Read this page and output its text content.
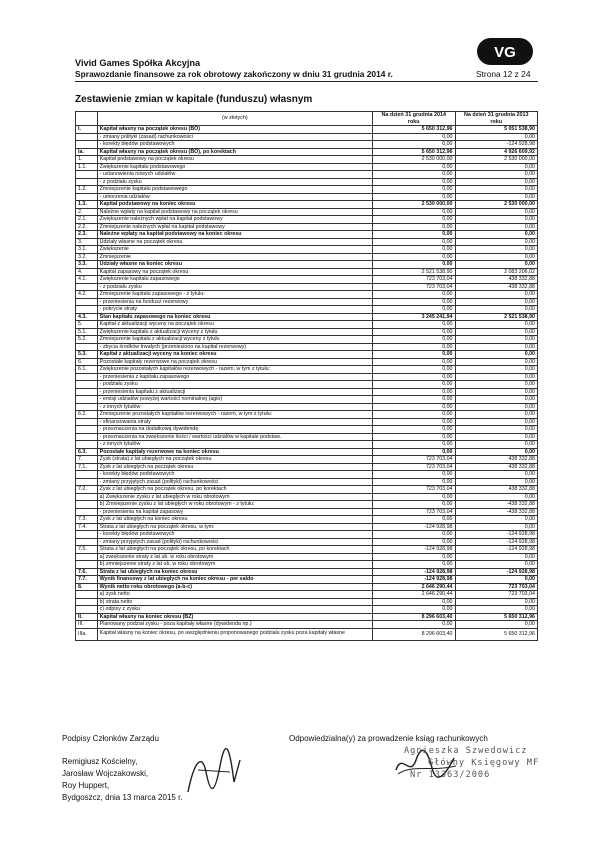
Vivid Games Spółka Akcyjna
Sprawozdanie finansowe za rok obrotowy zakończony w dniu 31 grudnia 2014 r.	Strona 12 z 24
VG
Zestawienie zmian w kapitale (funduszu) własnym
	(w złotych)	Na dzień 31 grudnia 2014 roku	Na dzień 31 grudnia 2013 roku
I.	Kapitał własny na początek okresu (BO)	5 650 312,96	5 051 538,90
	- zmiany polityki (zasad) rachunkowości	0,00	0,00
	- korekty błędów podstawowych	0,00	-124 928,98
Ia.	Kapitał własny na początek okresu (BO), po korektach	5 650 312,96	4 926 609,92
1.	Kapitał podstawowy na początek okresu	2 530 000,00	2 530 000,00
1.1.	Zwiększenie kapitału podstawowego	0,00	0,00
	- ustanowienia nowych udziałów	0,00	0,00
	- z podziału zysku	0,00	0,00
1.2.	Zmniejszenie kapitału podstawowego	0,00	0,00
	- umorzenia udziałów	0,00	0,00
1.3.	Kapitał podstawowy na koniec okresu	2 530 000,00	2 530 000,00
2.	Należne wpłaty na kapitał podstawowy na początek okresu	0,00	0,00
2.1.	Zwiększenie należnych wpłat na kapitał podstawowy	0,00	0,00
2.2.	Zmniejszenie należnych wpłat na kapitał podstawowy	0,00	0,00
2.3.	Należne wpłaty na kapitał podstawowy na koniec okresu	0,00	0,00
3.	Udziały własne na początek okresu	0,00	0,00
3.1.	Zwiększenie	0,00	0,00
3.2.	Zmniejszenie	0,00	0,00
3.3.	Udziały własne na koniec okresu	0,00	0,00
4.	Kapitał zapasowy na początek okresu	2 521 538,90	2 083 206,02
4.1.	Zwiększenie kapitału zapasowego	723 703,04	438 332,88
	- z podziału zysku	723 703,04	438 332,88
4.2.	Zmniejszenie kapitału zapasowego - z tytułu:	0,00	0,00
	- przeniesienia na fundusz rezerwowy	0,00	0,00
	- pokrycie straty	0,00	0,00
4.3.	Stan kapitału zapasowego na koniec okresu	3 245 241,94	2 521 538,90
5.	Kapitał z aktualizacji wyceny na początek okresu	0,00	0,00
5.1.	Zwiększenie kapitału z aktualizacji wyceny z tytułu	0,00	0,00
5.2.	Zmniejszenie kapitału z aktualizacji wyceny z tytułu	0,00	0,00
	- zbycia środków trwałych (przeniesiono na kapitał rezerwowy)	0,00	0,00
5.3.	Kapitał z aktualizacji wyceny na koniec okresu	0,00	0,00
6.	Pozostałe kapitały rezerwowe na początek okresu	0,00	0,00
6.1.	Zwiększenie pozostałych kapitałów rezerwowych - razem, w tym z tytułu:	0,00	0,00
	- przeniesienia z kapitału zapasowego	0,00	0,00
	- podziału zysku	0,00	0,00
	- przeniesienia kapitału z aktualizacji	0,00	0,00
	- emisji udziałów powyżej wartości nominalnej (agio)	0,00	0,00
	- z innych tytułów	0,00	0,00
6.2.	Zmniejszenie pozostałych kapitałów rezerwowych - razem, w tym z tytułu:	0,00	0,00
	- sfinansowania straty	0,00	0,00
	- przeznaczenia na dodatkową dywidendę	0,00	0,00
	- przeznaczenia na zwiększenie ilości / wartości udziałów w kapitale podstaw.	0,00	0,00
	- z innych tytułów	0,00	0,00
6.3.	Pozostałe kapitały rezerwowe na koniec okresu	0,00	0,00
7.	Zysk (strata) z lat ubiegłych na początek okresu	723 703,04	438 332,88
7.1.	Zysk z lat ubiegłych na początek okresu	723 703,04	438 332,88
	- korekty błędów podstawowych	0,00	0,00
	- zmiany przyjętych zasad (polityki) rachunkowości	0,00	0,00
7.2.	Zysk z lat ubiegłych na początek okresu, po korektach	723 703,04	438 332,88
	a) Zwiększenie zysku z lat ubiegłych w roku obrotowym	0,00	0,00
	b) Zmniejszenie zysku z lat ubiegłych w roku obrotowym - z tytułu:	0,00	-438 332,88
	- przeniesienia na kapitał zapasowy	723 703,04	-438 332,88
7.3.	Zysk z lat ubiegłych na koniec okresu	0,00	0,00
7.4.	Strata z lat ubiegłych na początek okresu, w tym:	-124 928,98	0,00
	- korekty błędów podstawowych	0,00	-124 928,98
	- zmiany przyjętych zasad (polityki) rachunkowości	0,00	-124 928,98
7.5.	Strata z lat ubiegłych na początek okresu, po korektach	-124 928,98	-124 928,98
	a) zwiększenie straty z lat ub. w roku obrotowym	0,00	0,00
	b) zmniejszenie straty z lat ub. w roku obrotowym	0,00	0,00
7.6.	Strata z lat ubiegłych na koniec okresu	-124 928,98	-124 928,98
7.7.	Wynik finansowy z lat ubiegłych na koniec okresu - per saldo	-124 928,98	0,00
8.	Wynik netto roku obrotowego (a-b-c)	2 646 290,44	723 703,04
	a) zysk netto	2 646 290,44	723 703,04
	b) strata netto	0,00	0,00
	c) odpisy z zysku	0,00	0,00
II.	Kapitał własny na koniec okresu (BZ)	8 296 603,40	5 650 312,96
III.	Planowany podział zysku - poza kapitały własne (dywidenda np.)	0,00	0,00
IIIa.	Kapitał własny na koniec okresu, po uwzględnieniu proponowanego podziału zysku poza kapitały własne	8 296 603,40	5 650 312,96
Podpisy Członków Zarządu	Odpowiedzialna(y) za prowadzenie ksiąg rachunkowych
Remigiusz Kościelny,
Jarosław Wojczakowski,
Roy Huppert,
Bydgoszcz, dnia 13 marca 2015 r.
Agnieszka Szwedowicz
Główny Księgowy MF
Nr 13363/2006
